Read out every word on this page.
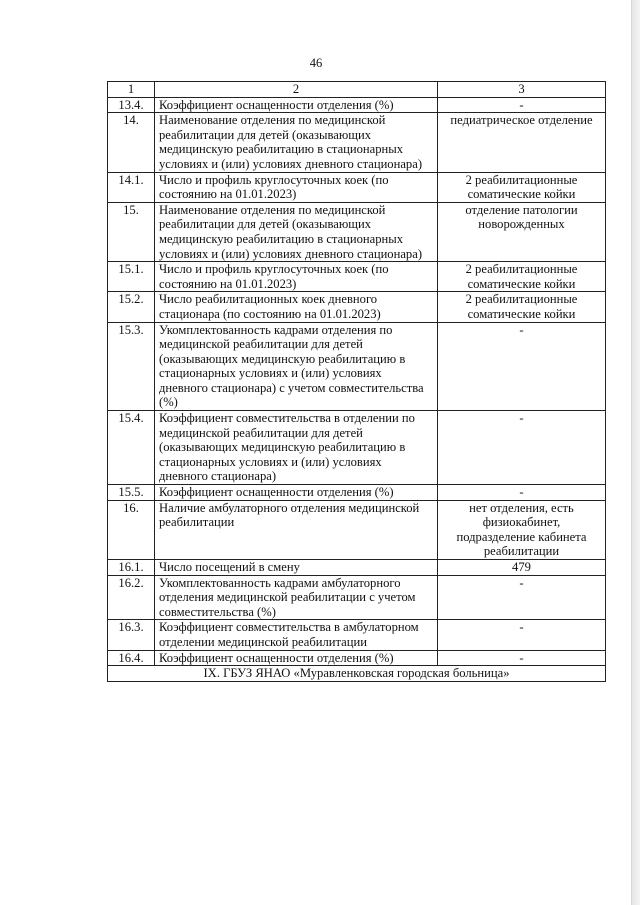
46
1	2	3
13.4.	Коэффициент оснащенности отделения (%)	-
14.	Наименование отделения по медицинской реабилитации для детей (оказывающих медицинскую реабилитацию в стационарных условиях и (или) условиях дневного стационара)	педиатрическое отделение
14.1.	Число и профиль круглосуточных коек (по состоянию на 01.01.2023)	2 реабилитационные соматические койки
15.	Наименование отделения по медицинской реабилитации для детей (оказывающих медицинскую реабилитацию в стационарных условиях и (или) условиях дневного стационара)	отделение патологии новорожденных
15.1.	Число и профиль круглосуточных коек (по состоянию на 01.01.2023)	2 реабилитационные соматические койки
15.2.	Число реабилитационных коек дневного стационара (по состоянию на 01.01.2023)	2 реабилитационные соматические койки
15.3.	Укомплектованность кадрами отделения по медицинской реабилитации для детей (оказывающих медицинскую реабилитацию в стационарных условиях и (или) условиях дневного стационара) с учетом совместительства (%)	-
15.4.	Коэффициент совместительства в отделении по медицинской реабилитации для детей (оказывающих медицинскую реабилитацию в стационарных условиях и (или) условиях дневного стационара)	-
15.5.	Коэффициент оснащенности отделения (%)	-
16.	Наличие амбулаторного отделения медицинской реабилитации	нет отделения, есть физиокабинет, подразделение кабинета реабилитации
16.1.	Число посещений в смену	479
16.2.	Укомплектованность кадрами амбулаторного отделения медицинской реабилитации с учетом совместительства (%)	-
16.3.	Коэффициент совместительства в амбулаторном отделении медицинской реабилитации	-
16.4.	Коэффициент оснащенности отделения (%)	-
IX. ГБУЗ ЯНАО «Муравленковская городская больница»		
